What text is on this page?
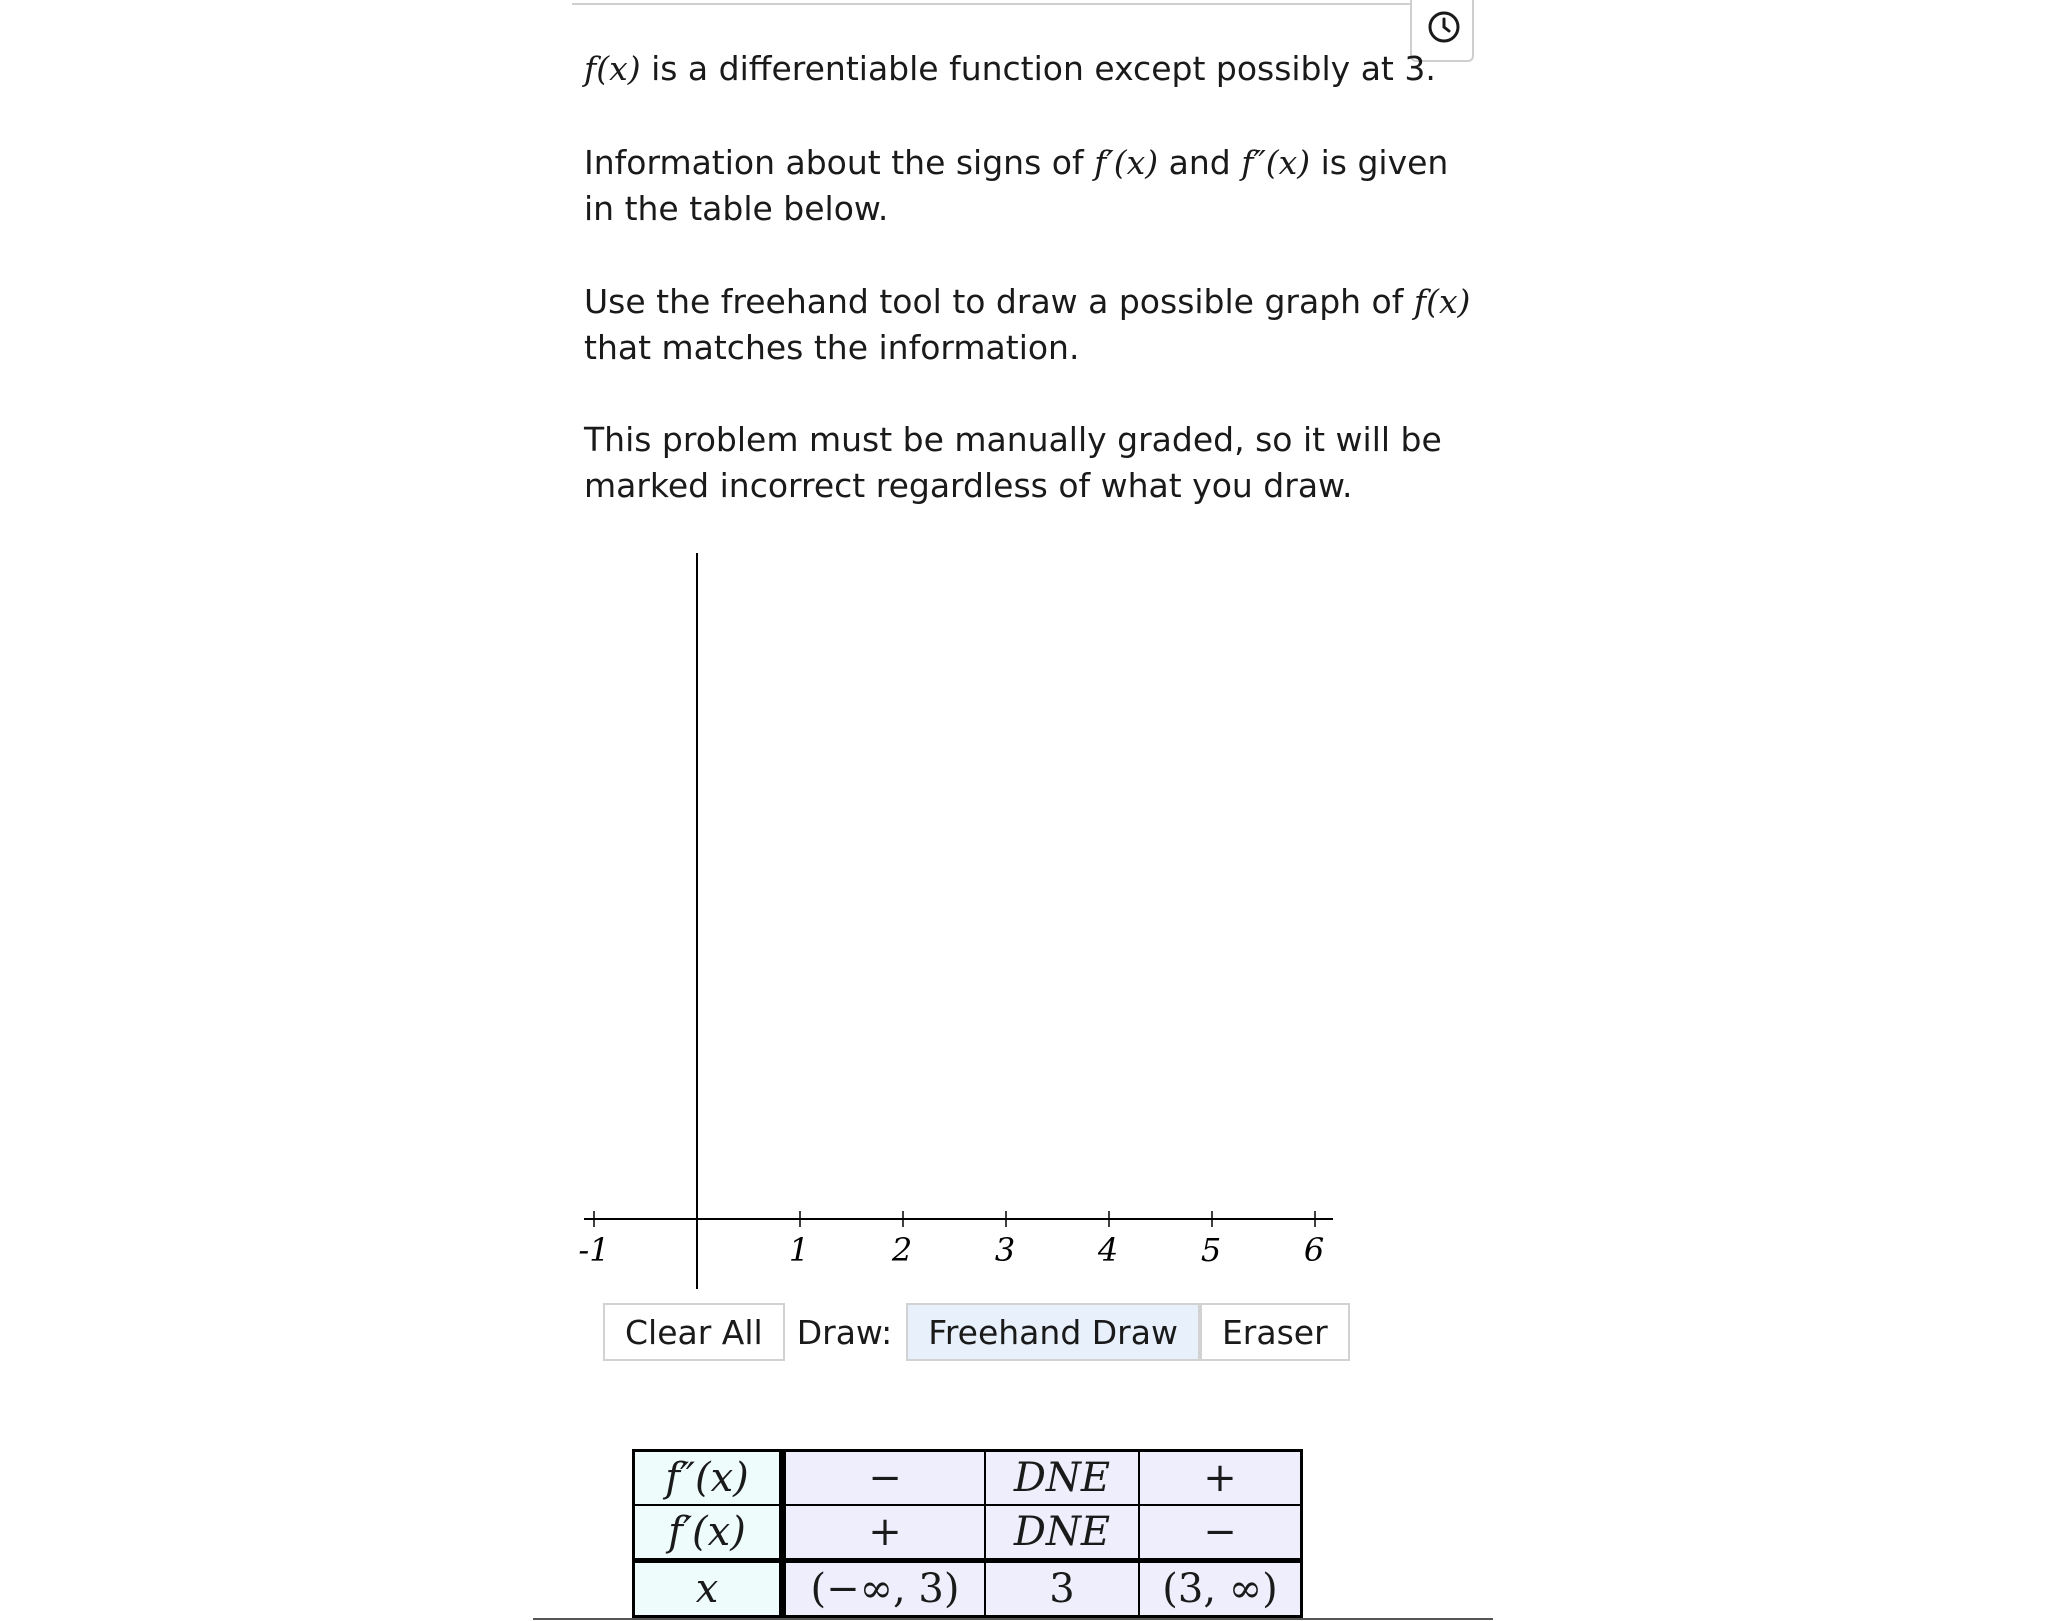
f(x) is a differentiable function except possibly at 3.

Information about the signs of f′(x) and f″(x) is given
in the table below.

Use the freehand tool to draw a possible graph of f(x)
that matches the information.

This problem must be manually graded, so it will be
marked incorrect regardless of what you draw.

-1	1	2	3	4	5	6
Clear All	Draw:	Freehand Draw	Eraser
f″(x)	−	DNE	+
f′(x)	+	DNE	−
x	(−∞, 3)	3	(3, ∞)
